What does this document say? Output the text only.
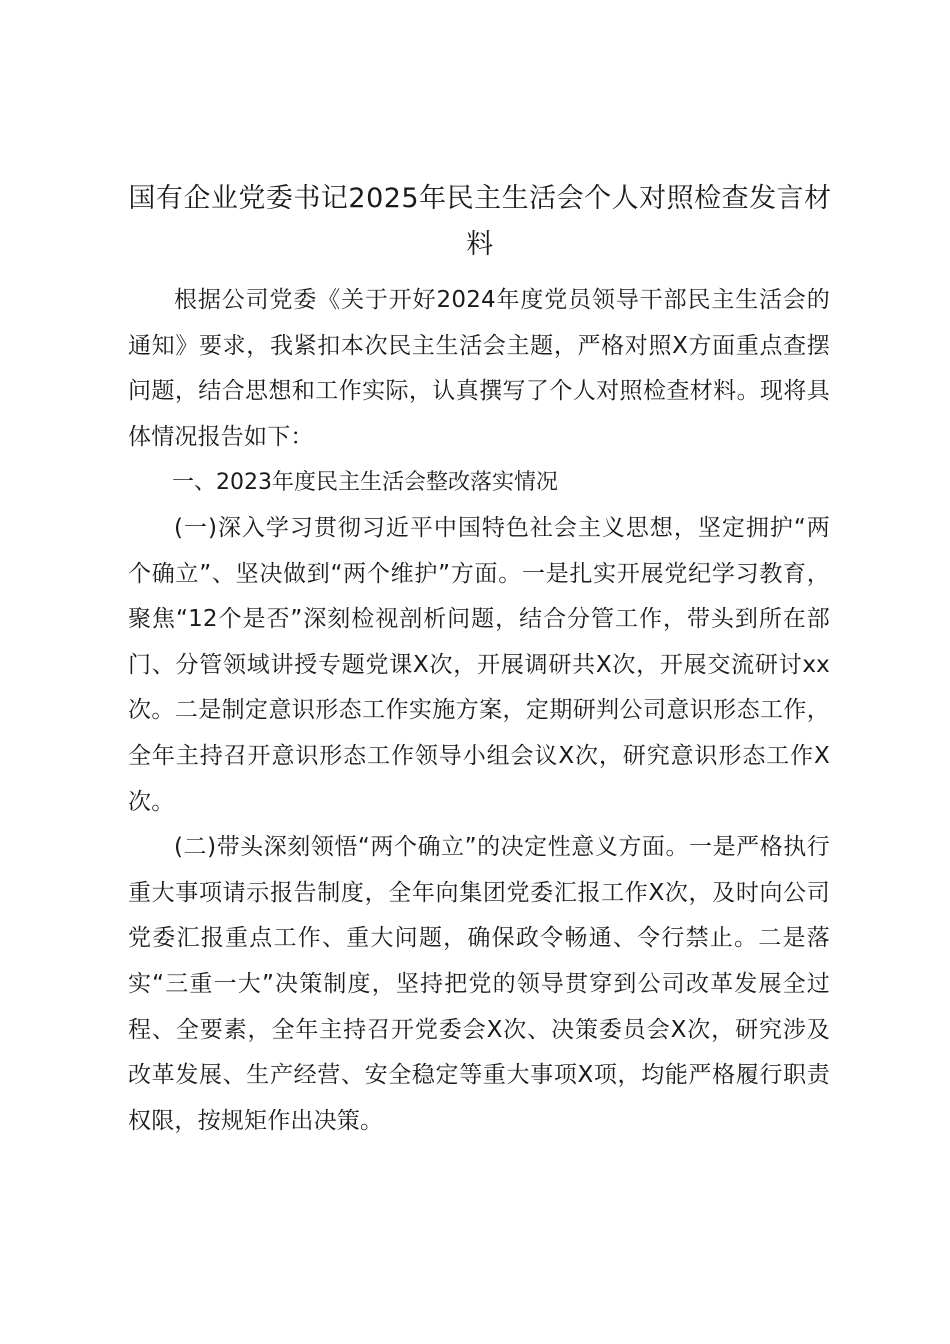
国有企业党委书记2025年民主生活会个人对照检查发言材料

根据公司党委《关于开好2024年度党员领导干部民主生活会的通知》要求，我紧扣本次民主生活会主题，严格对照X方面重点查摆问题，结合思想和工作实际，认真撰写了个人对照检查材料。现将具体情况报告如下：

一、2023年度民主生活会整改落实情况

(一)深入学习贯彻习近平中国特色社会主义思想，坚定拥护“两个确立”、坚决做到“两个维护”方面。一是扎实开展党纪学习教育，聚焦“12个是否”深刻检视剖析问题，结合分管工作，带头到所在部门、分管领域讲授专题党课X次，开展调研共X次，开展交流研讨xx次。二是制定意识形态工作实施方案，定期研判公司意识形态工作，全年主持召开意识形态工作领导小组会议X次，研究意识形态工作X次。

(二)带头深刻领悟“两个确立”的决定性意义方面。一是严格执行重大事项请示报告制度，全年向集团党委汇报工作X次，及时向公司党委汇报重点工作、重大问题，确保政令畅通、令行禁止。二是落实“三重一大”决策制度，坚持把党的领导贯穿到公司改革发展全过程、全要素，全年主持召开党委会X次、决策委员会X次，研究涉及改革发展、生产经营、安全稳定等重大事项X项，均能严格履行职责权限，按规矩作出决策。
